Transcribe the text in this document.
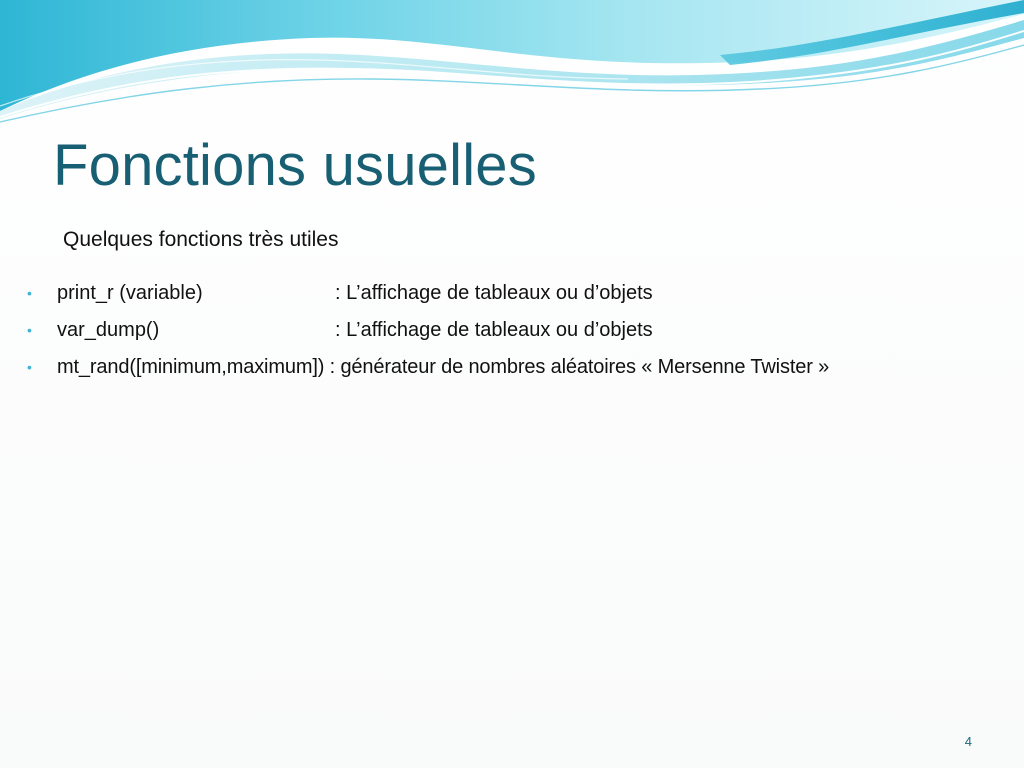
Fonctions usuelles
Quelques fonctions très utiles
• print_r (variable)	: L’affichage de tableaux ou d’objets
• var_dump()	: L’affichage de tableaux ou d’objets
• mt_rand([minimum,maximum]) : générateur de nombres aléatoires « Mersenne Twister »
4
